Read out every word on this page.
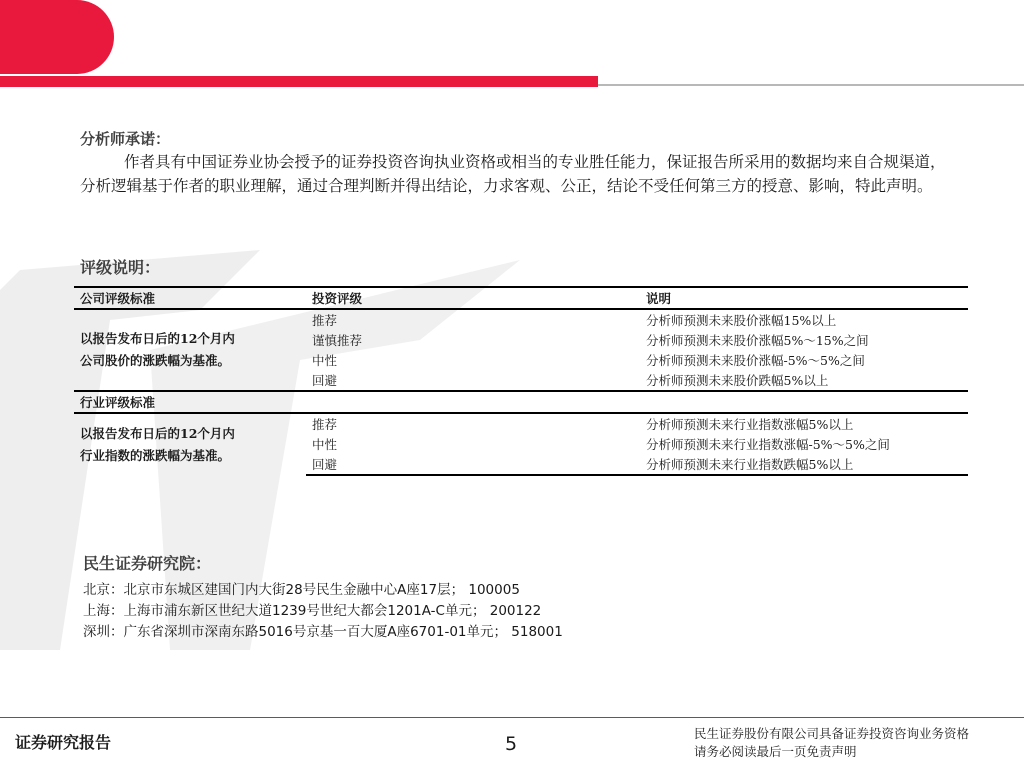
分析师承诺：
作者具有中国证券业协会授予的证券投资咨询执业资格或相当的专业胜任能力，保证报告所采用的数据均来自合规渠道，分析逻辑基于作者的职业理解，通过合理判断并得出结论，力求客观、公正，结论不受任何第三方的授意、影响，特此声明。
评级说明：
公司评级标准	投资评级	说明

以报告发布日后的12个月内
公司股价的涨跌幅为基准。	推荐	分析师预测未来股价涨幅15%以上
	谨慎推荐	分析师预测未来股价涨幅5%～15%之间
	中性	分析师预测未来股价涨幅-5%～5%之间
	回避	分析师预测未来股价跌幅5%以上
行业评级标准		

以报告发布日后的12个月内
行业指数的涨跌幅为基准。	推荐	分析师预测未来行业指数涨幅5%以上
	中性	分析师预测未来行业指数涨幅-5%～5%之间
	回避	分析师预测未来行业指数跌幅5%以上
民生证券研究院：
北京：北京市东城区建国门内大街28号民生金融中心A座17层； 100005
上海：上海市浦东新区世纪大道1239号世纪大都会1201A-C单元； 200122
深圳：广东省深圳市深南东路5016号京基一百大厦A座6701-01单元； 518001
证券研究报告	5	民生证券股份有限公司具备证券投资咨询业务资格
请务必阅读最后一页免责声明
